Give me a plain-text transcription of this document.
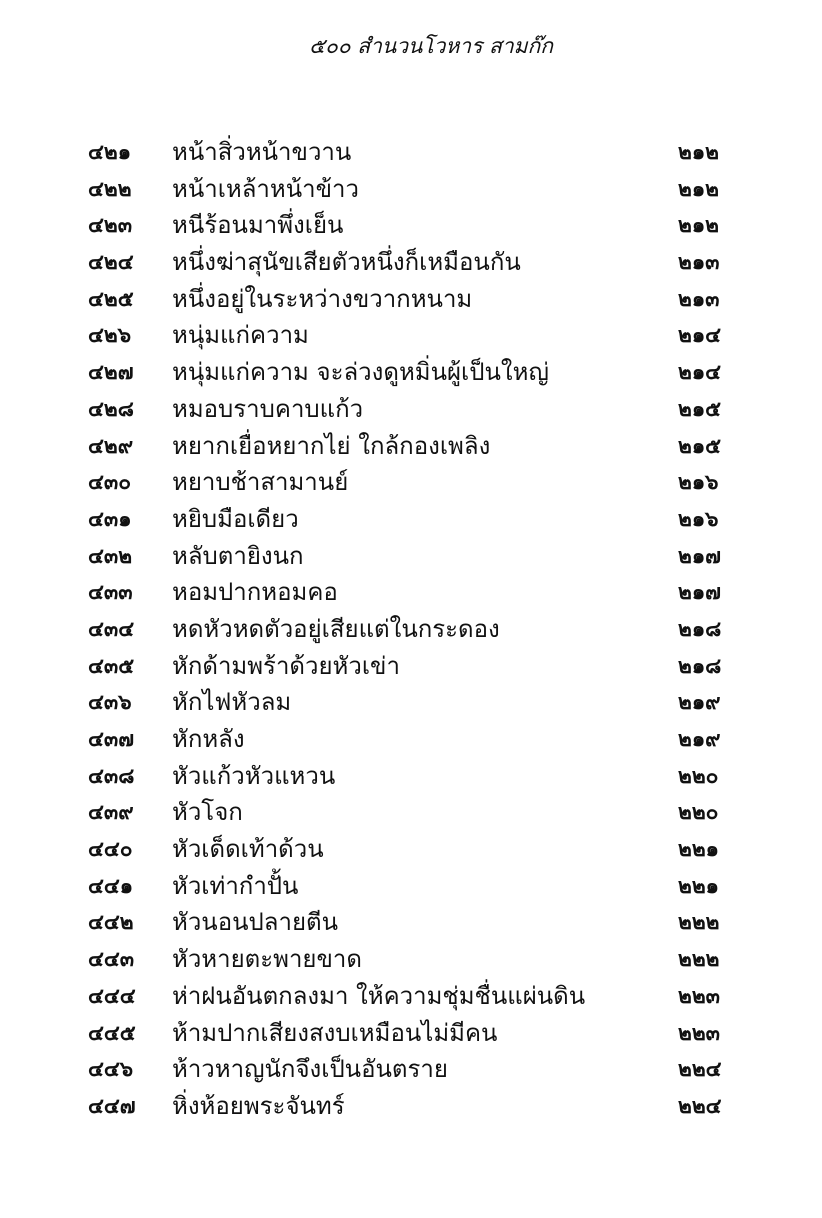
๕๐๐ สำนวนโวหาร สามก๊ก
๔๒๑ หน้าสิ่วหน้าขวาน	๒๑๒
๔๒๒ หน้าเหล้าหน้าข้าว	๒๑๒
๔๒๓ หนีร้อนมาพึ่งเย็น	๒๑๒
๔๒๔ หนึ่งฆ่าสุนัขเสียตัวหนึ่งก็เหมือนกัน	๒๑๓
๔๒๕ หนึ่งอยู่ในระหว่างขวากหนาม	๒๑๓
๔๒๖ หนุ่มแก่ความ	๒๑๔
๔๒๗ หนุ่มแก่ความ จะล่วงดูหมิ่นผู้เป็นใหญ่	๒๑๔
๔๒๘ หมอบราบคาบแก้ว	๒๑๕
๔๒๙ หยากเยื่อหยากไย่ ใกล้กองเพลิง	๒๑๕
๔๓๐ หยาบช้าสามานย์	๒๑๖
๔๓๑ หยิบมือเดียว	๒๑๖
๔๓๒ หลับตายิงนก	๒๑๗
๔๓๓ หอมปากหอมคอ	๒๑๗
๔๓๔ หดหัวหดตัวอยู่เสียแต่ในกระดอง	๒๑๘
๔๓๕ หักด้ามพร้าด้วยหัวเข่า	๒๑๘
๔๓๖ หักไฟหัวลม	๒๑๙
๔๓๗ หักหลัง	๒๑๙
๔๓๘ หัวแก้วหัวแหวน	๒๒๐
๔๓๙ หัวโจก	๒๒๐
๔๔๐ หัวเด็ดเท้าด้วน	๒๒๑
๔๔๑ หัวเท่ากำปั้น	๒๒๑
๔๔๒ หัวนอนปลายตีน	๒๒๒
๔๔๓ หัวหายตะพายขาด	๒๒๒
๔๔๔ ห่าฝนอันตกลงมา ให้ความชุ่มชื่นแผ่นดิน	๒๒๓
๔๔๕ ห้ามปากเสียงสงบเหมือนไม่มีคน	๒๒๓
๔๔๖ ห้าวหาญนักจึงเป็นอันตราย	๒๒๔
๔๔๗ หิ่งห้อยพระจันทร์	๒๒๔
